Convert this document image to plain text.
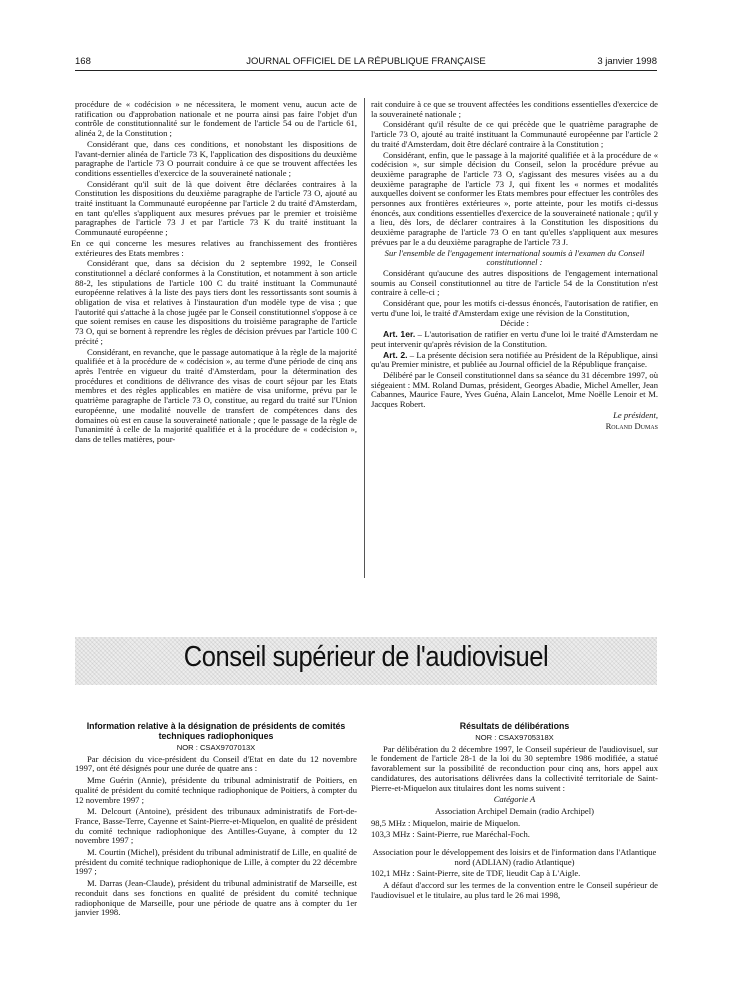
168	JOURNAL OFFICIEL DE LA RÉPUBLIQUE FRANÇAISE	3 janvier 1998

procédure de « codécision » ne nécessitera, le moment venu, aucun acte de ratification ou d'approbation nationale et ne pourra ainsi pas faire l'objet d'un contrôle de constitutionnalité sur le fondement de l'article 54 ou de l'article 61, alinéa 2, de la Constitution ;

Considérant que, dans ces conditions, et nonobstant les dispositions de l'avant-dernier alinéa de l'article 73 K, l'application des dispositions du deuxième paragraphe de l'article 73 O pourrait conduire à ce que se trouvent affectées les conditions essentielles d'exercice de la souveraineté nationale ;

Considérant qu'il suit de là que doivent être déclarées contraires à la Constitution les dispositions du deuxième paragraphe de l'article 73 O, ajouté au traité instituant la Communauté européenne par l'article 2 du traité d'Amsterdam, en tant qu'elles s'appliquent aux mesures prévues par le premier et troisième paragraphes de l'article 73 J et par l'article 73 K du traité instituant la Communauté européenne ;

En ce qui concerne les mesures relatives au franchissement des frontières extérieures des Etats membres :

Considérant que, dans sa décision du 2 septembre 1992, le Conseil constitutionnel a déclaré conformes à la Constitution, et notamment à son article 88-2, les stipulations de l'article 100 C du traité instituant la Communauté européenne relatives à la liste des pays tiers dont les ressortissants sont soumis à obligation de visa et relatives à l'instauration d'un modèle type de visa ; que l'autorité qui s'attache à la chose jugée par le Conseil constitutionnel s'oppose à ce que soient remises en cause les dispositions du troisième paragraphe de l'article 73 O, qui se bornent à reprendre les règles de décision prévues par l'article 100 C précité ;

Considérant, en revanche, que le passage automatique à la règle de la majorité qualifiée et à la procédure de « codécision », au terme d'une période de cinq ans après l'entrée en vigueur du traité d'Amsterdam, pour la détermination des procédures et conditions de délivrance des visas de court séjour par les Etats membres et des règles applicables en matière de visa uniforme, prévu par le quatrième paragraphe de l'article 73 O, constitue, au regard du traité sur l'Union européenne, une modalité nouvelle de transfert de compétences dans des domaines où est en cause la souveraineté nationale ; que le passage de la règle de l'unanimité à celle de la majorité qualifiée et à la procédure de « codécision », dans de telles matières, pour-

rait conduire à ce que se trouvent affectées les conditions essentielles d'exercice de la souveraineté nationale ;

Considérant qu'il résulte de ce qui précède que le quatrième paragraphe de l'article 73 O, ajouté au traité instituant la Communauté européenne par l'article 2 du traité d'Amsterdam, doit être déclaré contraire à la Constitution ;

Considérant, enfin, que le passage à la majorité qualifiée et à la procédure de « codécision », sur simple décision du Conseil, selon la procédure prévue au deuxième paragraphe de l'article 73 O, s'agissant des mesures visées au a du deuxième paragraphe de l'article 73 J, qui fixent les « normes et modalités auxquelles doivent se conformer les Etats membres pour effectuer les contrôles des personnes aux frontières extérieures », porte atteinte, pour les motifs ci-dessus énoncés, aux conditions essentielles d'exercice de la souveraineté nationale ; qu'il y a lieu, dès lors, de déclarer contraires à la Constitution les dispositions du deuxième paragraphe de l'article 73 O en tant qu'elles s'appliquent aux mesures prévues par le a du deuxième paragraphe de l'article 73 J.

Sur l'ensemble de l'engagement international soumis à l'examen du Conseil constitutionnel :

Considérant qu'aucune des autres dispositions de l'engagement international soumis au Conseil constitutionnel au titre de l'article 54 de la Constitution n'est contraire à celle-ci ;

Considérant que, pour les motifs ci-dessus énoncés, l'autorisation de ratifier, en vertu d'une loi, le traité d'Amsterdam exige une révision de la Constitution,

Décide :

Art. 1er. – L'autorisation de ratifier en vertu d'une loi le traité d'Amsterdam ne peut intervenir qu'après révision de la Constitution.

Art. 2. – La présente décision sera notifiée au Président de la République, ainsi qu'au Premier ministre, et publiée au Journal officiel de la République française.

Délibéré par le Conseil constitutionnel dans sa séance du 31 décembre 1997, où siégeaient : MM. Roland Dumas, président, Georges Abadie, Michel Ameller, Jean Cabannes, Maurice Faure, Yves Guéna, Alain Lancelot, Mme Noëlle Lenoir et M. Jacques Robert.

Le président,

Roland Dumas

Conseil supérieur de l'audiovisuel

Information relative à la désignation de présidents de comités techniques radiophoniques

NOR : CSAX9707013X

Par décision du vice-président du Conseil d'Etat en date du 12 novembre 1997, ont été désignés pour une durée de quatre ans :

Mme Guérin (Annie), présidente du tribunal administratif de Poitiers, en qualité de président du comité technique radiophonique de Poitiers, à compter du 12 novembre 1997 ;

M. Delcourt (Antoine), président des tribunaux administratifs de Fort-de-France, Basse-Terre, Cayenne et Saint-Pierre-et-Miquelon, en qualité de président du comité technique radiophonique des Antilles-Guyane, à compter du 12 novembre 1997 ;

M. Courtin (Michel), président du tribunal administratif de Lille, en qualité de président du comité technique radiophonique de Lille, à compter du 22 décembre 1997 ;

M. Darras (Jean-Claude), président du tribunal administratif de Marseille, est reconduit dans ses fonctions en qualité de président du comité technique radiophonique de Marseille, pour une période de quatre ans à compter du 1er janvier 1998.

Résultats de délibérations

NOR : CSAX9705318X

Par délibération du 2 décembre 1997, le Conseil supérieur de l'audiovisuel, sur le fondement de l'article 28-1 de la loi du 30 septembre 1986 modifiée, a statué favorablement sur la possibilité de reconduction pour cinq ans, hors appel aux candidatures, des autorisations délivrées dans la collectivité territoriale de Saint-Pierre-et-Miquelon aux titulaires dont les noms suivent :

Catégorie A

Association Archipel Demain (radio Archipel)

98,5 MHz : Miquelon, mairie de Miquelon.

103,3 MHz : Saint-Pierre, rue Maréchal-Foch.

Association pour le développement des loisirs et de l'information dans l'Atlantique nord (ADLIAN) (radio Atlantique)

102,1 MHz : Saint-Pierre, site de TDF, lieudit Cap à L'Aigle.

A défaut d'accord sur les termes de la convention entre le Conseil supérieur de l'audiovisuel et le titulaire, au plus tard le 26 mai 1998,
